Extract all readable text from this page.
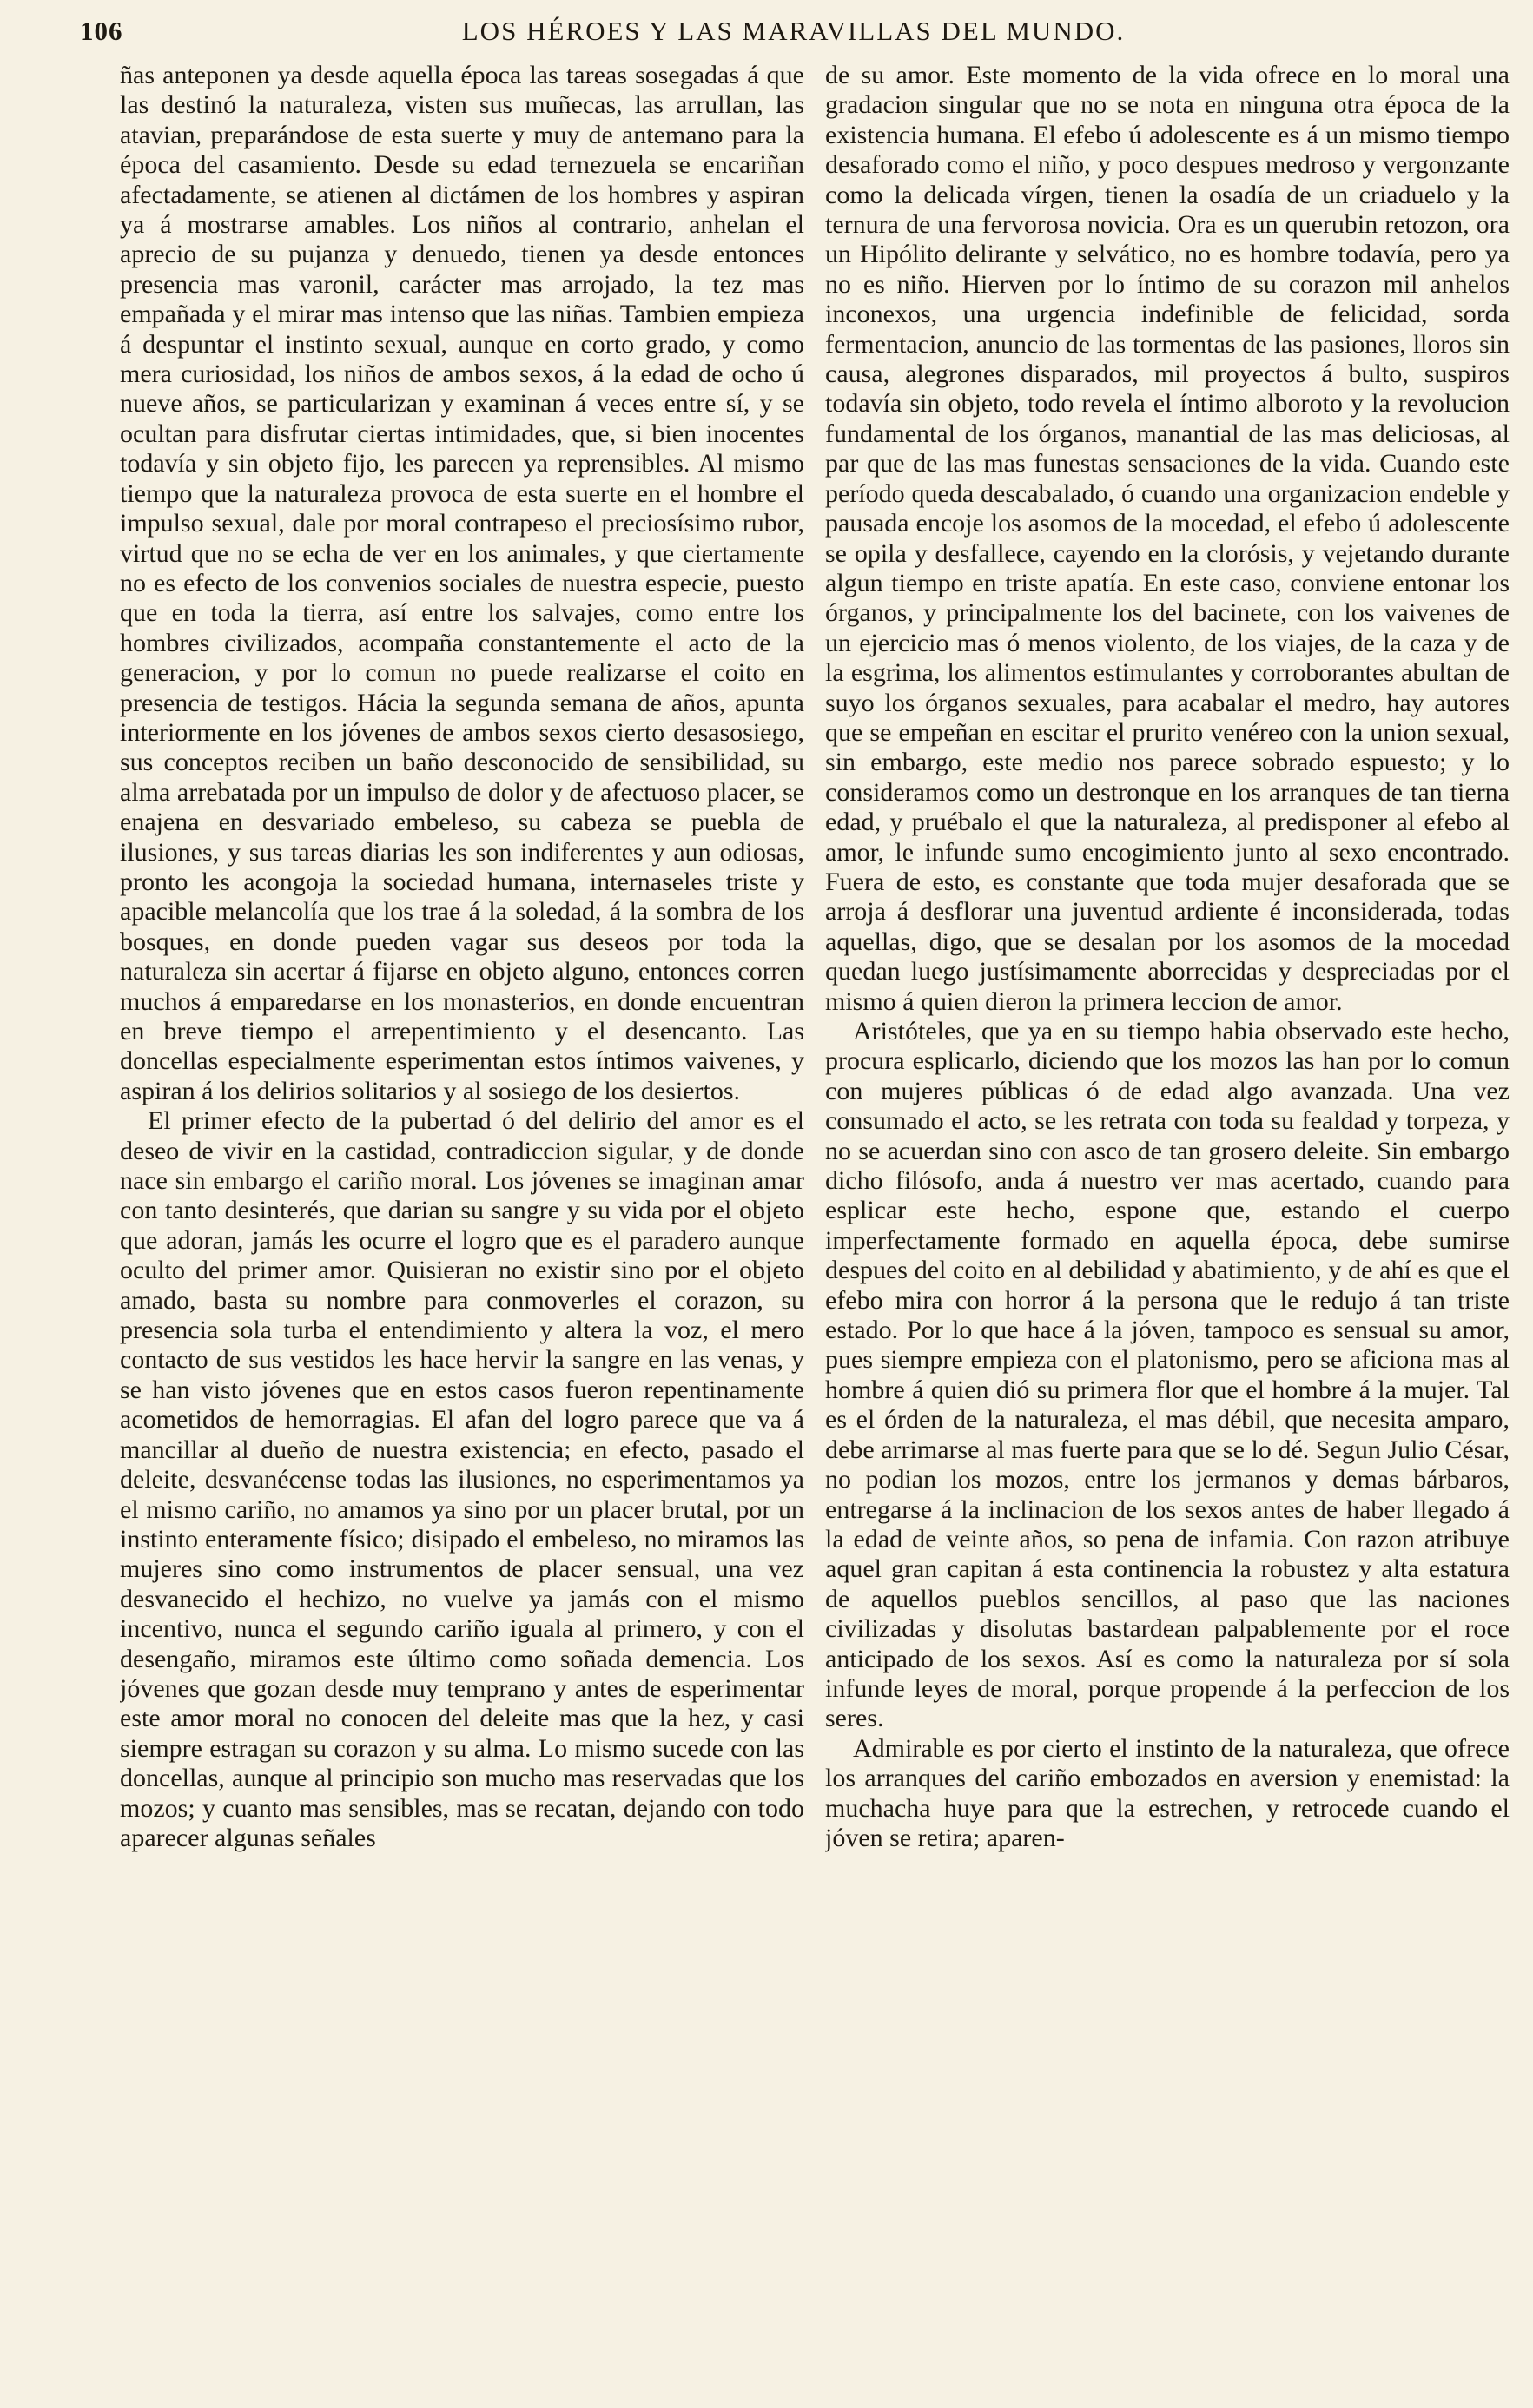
106	LOS HÉROES Y LAS MARAVILLAS DEL MUNDO.

ñas anteponen ya desde aquella época las tareas sosegadas á que las destinó la naturaleza, visten sus muñecas, las arrullan, las atavian, preparándose de esta suerte y muy de antemano para la época del casamiento. Desde su edad ternezuela se encariñan afectadamente, se atienen al dictámen de los hombres y aspiran ya á mostrarse amables. Los niños al contrario, anhelan el aprecio de su pujanza y denuedo, tienen ya desde entonces presencia mas varonil, carácter mas arrojado, la tez mas empañada y el mirar mas intenso que las niñas. Tambien empieza á despuntar el instinto sexual, aunque en corto grado, y como mera curiosidad, los niños de ambos sexos, á la edad de ocho ú nueve años, se particularizan y examinan á veces entre sí, y se ocultan para disfrutar ciertas intimidades, que, si bien inocentes todavía y sin objeto fijo, les parecen ya reprensibles. Al mismo tiempo que la naturaleza provoca de esta suerte en el hombre el impulso sexual, dale por moral contrapeso el preciosísimo rubor, virtud que no se echa de ver en los animales, y que ciertamente no es efecto de los convenios sociales de nuestra especie, puesto que en toda la tierra, así entre los salvajes, como entre los hombres civilizados, acompaña constantemente el acto de la generacion, y por lo comun no puede realizarse el coito en presencia de testigos. Hácia la segunda semana de años, apunta interiormente en los jóvenes de ambos sexos cierto desasosiego, sus conceptos reciben un baño desconocido de sensibilidad, su alma arrebatada por un impulso de dolor y de afectuoso placer, se enajena en desvariado embeleso, su cabeza se puebla de ilusiones, y sus tareas diarias les son indiferentes y aun odiosas, pronto les acongoja la sociedad humana, internaseles triste y apacible melancolía que los trae á la soledad, á la sombra de los bosques, en donde pueden vagar sus deseos por toda la naturaleza sin acertar á fijarse en objeto alguno, entonces corren muchos á emparedarse en los monasterios, en donde encuentran en breve tiempo el arrepentimiento y el desencanto. Las doncellas especialmente esperimentan estos íntimos vaivenes, y aspiran á los delirios solitarios y al sosiego de los desiertos.

El primer efecto de la pubertad ó del delirio del amor es el deseo de vivir en la castidad, contradiccion sigular, y de donde nace sin embargo el cariño moral. Los jóvenes se imaginan amar con tanto desinterés, que darian su sangre y su vida por el objeto que adoran, jamás les ocurre el logro que es el paradero aunque oculto del primer amor. Quisieran no existir sino por el objeto amado, basta su nombre para conmoverles el corazon, su presencia sola turba el entendimiento y altera la voz, el mero contacto de sus vestidos les hace hervir la sangre en las venas, y se han visto jóvenes que en estos casos fueron repentinamente acometidos de hemorragias. El afan del logro parece que va á mancillar al dueño de nuestra existencia; en efecto, pasado el deleite, desvanécense todas las ilusiones, no esperimentamos ya el mismo cariño, no amamos ya sino por un placer brutal, por un instinto enteramente físico; disipado el embeleso, no miramos las mujeres sino como instrumentos de placer sensual, una vez desvanecido el hechizo, no vuelve ya jamás con el mismo incentivo, nunca el segundo cariño iguala al primero, y con el desengaño, miramos este último como soñada demencia. Los jóvenes que gozan desde muy temprano y antes de esperimentar este amor moral no conocen del deleite mas que la hez, y casi siempre estragan su corazon y su alma. Lo mismo sucede con las doncellas, aunque al principio son mucho mas reservadas que los mozos; y cuanto mas sensibles, mas se recatan, dejando con todo aparecer algunas señales

de su amor. Este momento de la vida ofrece en lo moral una gradacion singular que no se nota en ninguna otra época de la existencia humana. El efebo ú adolescente es á un mismo tiempo desaforado como el niño, y poco despues medroso y vergonzante como la delicada vírgen, tienen la osadía de un criaduelo y la ternura de una fervorosa novicia. Ora es un querubin retozon, ora un Hipólito delirante y selvático, no es hombre todavía, pero ya no es niño. Hierven por lo íntimo de su corazon mil anhelos inconexos, una urgencia indefinible de felicidad, sorda fermentacion, anuncio de las tormentas de las pasiones, lloros sin causa, alegrones disparados, mil proyectos á bulto, suspiros todavía sin objeto, todo revela el íntimo alboroto y la revolucion fundamental de los órganos, manantial de las mas deliciosas, al par que de las mas funestas sensaciones de la vida. Cuando este período queda descabalado, ó cuando una organizacion endeble y pausada encoje los asomos de la mocedad, el efebo ú adolescente se opila y desfallece, cayendo en la clorósis, y vejetando durante algun tiempo en triste apatía. En este caso, conviene entonar los órganos, y principalmente los del bacinete, con los vaivenes de un ejercicio mas ó menos violento, de los viajes, de la caza y de la esgrima, los alimentos estimulantes y corroborantes abultan de suyo los órganos sexuales, para acabalar el medro, hay autores que se empeñan en escitar el prurito venéreo con la union sexual, sin embargo, este medio nos parece sobrado espuesto; y lo consideramos como un destronque en los arranques de tan tierna edad, y pruébalo el que la naturaleza, al predisponer al efebo al amor, le infunde sumo encogimiento junto al sexo encontrado. Fuera de esto, es constante que toda mujer desaforada que se arroja á desflorar una juventud ardiente é inconsiderada, todas aquellas, digo, que se desalan por los asomos de la mocedad quedan luego justísimamente aborrecidas y despreciadas por el mismo á quien dieron la primera leccion de amor.

Aristóteles, que ya en su tiempo habia observado este hecho, procura esplicarlo, diciendo que los mozos las han por lo comun con mujeres públicas ó de edad algo avanzada. Una vez consumado el acto, se les retrata con toda su fealdad y torpeza, y no se acuerdan sino con asco de tan grosero deleite. Sin embargo dicho filósofo, anda á nuestro ver mas acertado, cuando para esplicar este hecho, espone que, estando el cuerpo imperfectamente formado en aquella época, debe sumirse despues del coito en al debilidad y abatimiento, y de ahí es que el efebo mira con horror á la persona que le redujo á tan triste estado. Por lo que hace á la jóven, tampoco es sensual su amor, pues siempre empieza con el platonismo, pero se aficiona mas al hombre á quien dió su primera flor que el hombre á la mujer. Tal es el órden de la naturaleza, el mas débil, que necesita amparo, debe arrimarse al mas fuerte para que se lo dé. Segun Julio César, no podian los mozos, entre los jermanos y demas bárbaros, entregarse á la inclinacion de los sexos antes de haber llegado á la edad de veinte años, so pena de infamia. Con razon atribuye aquel gran capitan á esta continencia la robustez y alta estatura de aquellos pueblos sencillos, al paso que las naciones civilizadas y disolutas bastardean palpablemente por el roce anticipado de los sexos. Así es como la naturaleza por sí sola infunde leyes de moral, porque propende á la perfeccion de los seres.

Admirable es por cierto el instinto de la naturaleza, que ofrece los arranques del cariño embozados en aversion y enemistad: la muchacha huye para que la estrechen, y retrocede cuando el jóven se retira; aparen-
